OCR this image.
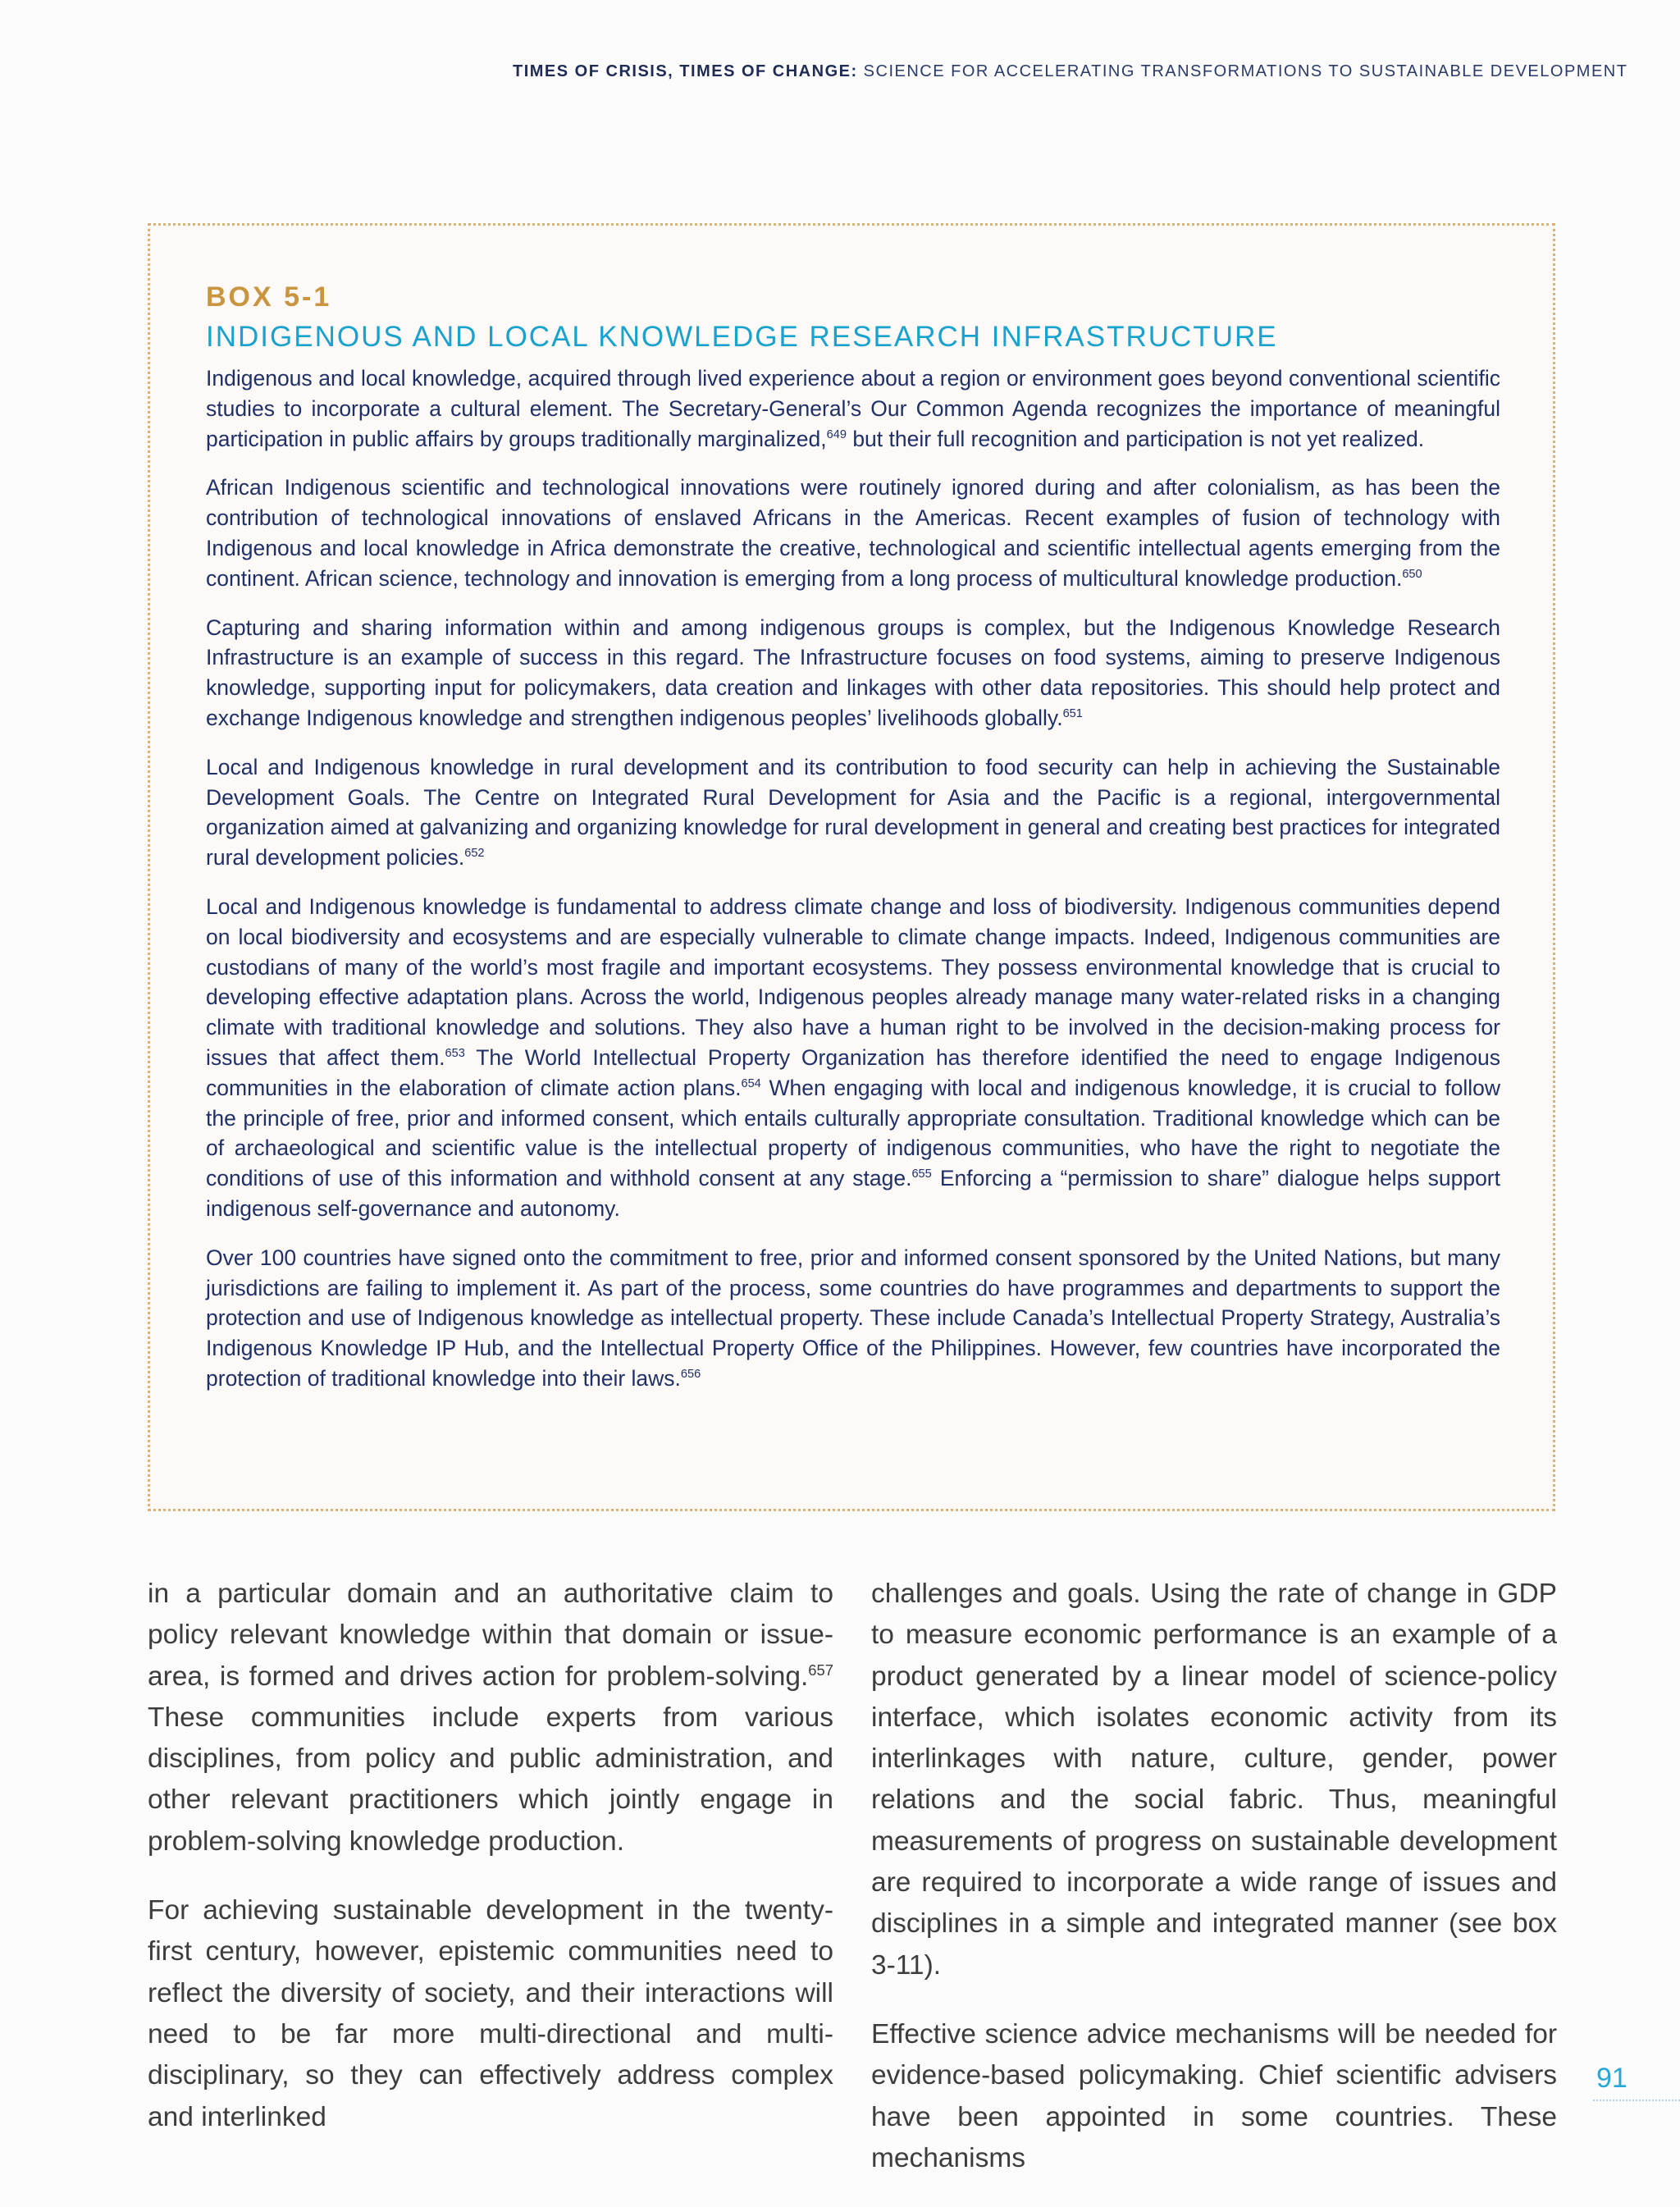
TIMES OF CRISIS, TIMES OF CHANGE: SCIENCE FOR ACCELERATING TRANSFORMATIONS TO SUSTAINABLE DEVELOPMENT
BOX 5-1
INDIGENOUS AND LOCAL KNOWLEDGE RESEARCH INFRASTRUCTURE

Indigenous and local knowledge, acquired through lived experience about a region or environment goes beyond conventional scientific studies to incorporate a cultural element. The Secretary-General’s Our Common Agenda recognizes the importance of meaningful participation in public affairs by groups traditionally marginalized,$^{649}$ but their full recognition and participation is not yet realized.

African Indigenous scientific and technological innovations were routinely ignored during and after colonialism, as has been the contribution of technological innovations of enslaved Africans in the Americas. Recent examples of fusion of technology with Indigenous and local knowledge in Africa demonstrate the creative, technological and scientific intellectual agents emerging from the continent. African science, technology and innovation is emerging from a long process of multicultural knowledge production.$^{650}$

Capturing and sharing information within and among indigenous groups is complex, but the Indigenous Knowledge Research Infrastructure is an example of success in this regard. The Infrastructure focuses on food systems, aiming to preserve Indigenous knowledge, supporting input for policymakers, data creation and linkages with other data repositories. This should help protect and exchange Indigenous knowledge and strengthen indigenous peoples’ livelihoods globally.$^{651}$

Local and Indigenous knowledge in rural development and its contribution to food security can help in achieving the Sustainable Development Goals. The Centre on Integrated Rural Development for Asia and the Pacific is a regional, intergovernmental organization aimed at galvanizing and organizing knowledge for rural development in general and creating best practices for integrated rural development policies.$^{652}$

Local and Indigenous knowledge is fundamental to address climate change and loss of biodiversity. Indigenous communities depend on local biodiversity and ecosystems and are especially vulnerable to climate change impacts. Indeed, Indigenous communities are custodians of many of the world’s most fragile and important ecosystems. They possess environmental knowledge that is crucial to developing effective adaptation plans. Across the world, Indigenous peoples already manage many water-related risks in a changing climate with traditional knowledge and solutions. They also have a human right to be involved in the decision-making process for issues that affect them.$^{653}$ The World Intellectual Property Organization has therefore identified the need to engage Indigenous communities in the elaboration of climate action plans.$^{654}$ When engaging with local and indigenous knowledge, it is crucial to follow the principle of free, prior and informed consent, which entails culturally appropriate consultation. Traditional knowledge which can be of archaeological and scientific value is the intellectual property of indigenous communities, who have the right to negotiate the conditions of use of this information and withhold consent at any stage.$^{655}$ Enforcing a “permission to share” dialogue helps support indigenous self-governance and autonomy.

Over 100 countries have signed onto the commitment to free, prior and informed consent sponsored by the United Nations, but many jurisdictions are failing to implement it. As part of the process, some countries do have programmes and departments to support the protection and use of Indigenous knowledge as intellectual property. These include Canada’s Intellectual Property Strategy, Australia’s Indigenous Knowledge IP Hub, and the Intellectual Property Office of the Philippines. However, few countries have incorporated the protection of traditional knowledge into their laws.$^{656}$

in a particular domain and an authoritative claim to policy relevant knowledge within that domain or issue-area, is formed and drives action for problem-solving.$^{657}$ These communities include experts from various disciplines, from policy and public administration, and other relevant practitioners which jointly engage in problem-solving knowledge production.

For achieving sustainable development in the twenty-first century, however, epistemic communities need to reflect the diversity of society, and their interactions will need to be far more multi-directional and multi-disciplinary, so they can effectively address complex and interlinked

challenges and goals. Using the rate of change in GDP to measure economic performance is an example of a product generated by a linear model of science-policy interface, which isolates economic activity from its interlinkages with nature, culture, gender, power relations and the social fabric. Thus, meaningful measurements of progress on sustainable development are required to incorporate a wide range of issues and disciplines in a simple and integrated manner (see box 3-11).

Effective science advice mechanisms will be needed for evidence-based policymaking. Chief scientific advisers have been appointed in some countries. These mechanisms

91
